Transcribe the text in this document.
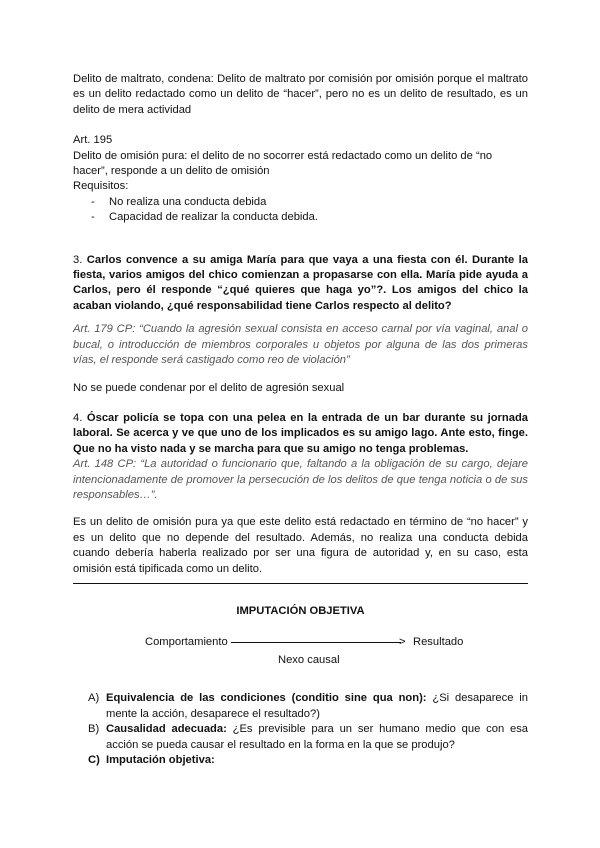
Delito de maltrato, condena: Delito de maltrato por comisión por omisión porque el maltrato es un delito redactado como un delito de “hacer”, pero no es un delito de resultado, es un delito de mera actividad

Art. 195

Delito de omisión pura: el delito de no socorrer está redactado como un delito de “no hacer”, responde a un delito de omisión

Requisitos:

- No realiza una conducta debida
- Capacidad de realizar la conducta debida.

3. Carlos convence a su amiga María para que vaya a una fiesta con él. Durante la fiesta, varios amigos del chico comienzan a propasarse con ella. María pide ayuda a Carlos, pero él responde “¿qué quieres que haga yo”?. Los amigos del chico la acaban violando, ¿qué responsabilidad tiene Carlos respecto al delito?

Art. 179 CP: “Cuando la agresión sexual consista en acceso carnal por vía vaginal, anal o bucal, o introducción de miembros corporales u objetos por alguna de las dos primeras vías, el responde será castigado como reo de violación”

No se puede condenar por el delito de agresión sexual

4. Óscar policía se topa con una pelea en la entrada de un bar durante su jornada laboral. Se acerca y ve que uno de los implicados es su amigo lago. Ante esto, finge. Que no ha visto nada y se marcha para que su amigo no tenga problemas.

Art. 148 CP: “La autoridad o funcionario que, faltando a la obligación de su cargo, dejare intencionadamente de promover la persecución de los delitos de que tenga noticia o de sus responsables…”.

Es un delito de omisión pura ya que este delito está redactado en término de “no hacer” y es un delito que no depende del resultado. Además, no realiza una conducta debida cuando debería haberla realizado por ser una figura de autoridad y, en su caso, esta omisión está tipificada como un delito.

IMPUTACIÓN OBJETIVA

Comportamiento	> Resultado
Nexo causal
A) Equivalencia de las condiciones (conditio sine qua non): ¿Si desaparece in mente la acción, desaparece el resultado?)
B) Causalidad adecuada: ¿Es previsible para un ser humano medio que con esa acción se pueda causar el resultado en la forma en la que se produjo?
C) Imputación objetiva:
